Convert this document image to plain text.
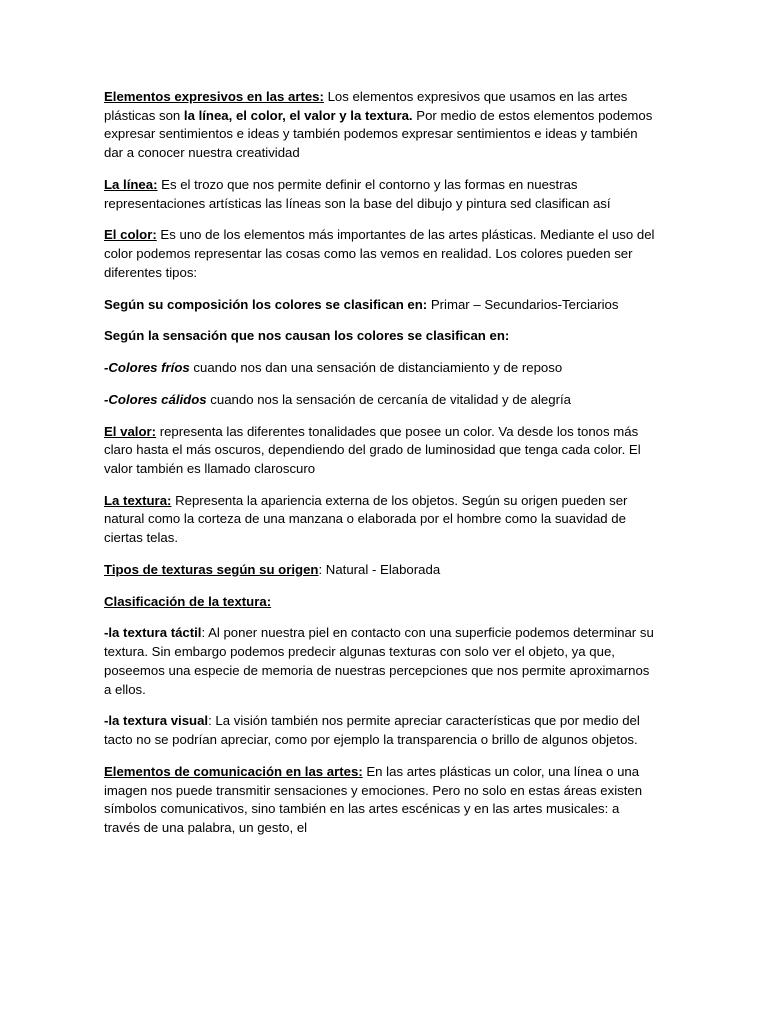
Elementos expresivos en las artes: Los elementos expresivos que usamos en las artes plásticas son la línea, el color, el valor y la textura. Por medio de estos elementos podemos expresar sentimientos e ideas y también podemos expresar sentimientos e ideas y también dar a conocer nuestra creatividad

La línea: Es el trozo que nos permite definir el contorno y las formas en nuestras representaciones artísticas las líneas son la base del dibujo y pintura sed clasifican así

El color: Es uno de los elementos más importantes de las artes plásticas. Mediante el uso del color podemos representar las cosas como las vemos en realidad. Los colores pueden ser diferentes tipos:

Según su composición los colores se clasifican en: Primar – Secundarios-Terciarios

Según la sensación que nos causan los colores se clasifican en:

-Colores fríos cuando nos dan una sensación de distanciamiento y de reposo

-Colores cálidos cuando nos la sensación de cercanía de vitalidad y de alegría

El valor: representa las diferentes tonalidades que posee un color. Va desde los tonos más claro hasta el más oscuros, dependiendo del grado de luminosidad que tenga cada color. El valor también es llamado claroscuro

La textura: Representa la apariencia externa de los objetos. Según su origen pueden ser natural como la corteza de una manzana o elaborada por el hombre como la suavidad de ciertas telas.

Tipos de texturas según su origen: Natural - Elaborada

Clasificación de la textura:

-la textura táctil: Al poner nuestra piel en contacto con una superficie podemos determinar su textura. Sin embargo podemos predecir algunas texturas con solo ver el objeto, ya que, poseemos una especie de memoria de nuestras percepciones que nos permite aproximarnos a ellos.

-la textura visual: La visión también nos permite apreciar características que por medio del tacto no se podrían apreciar, como por ejemplo la transparencia o brillo de algunos objetos.

Elementos de comunicación en las artes: En las artes plásticas un color, una línea o una imagen nos puede transmitir sensaciones y emociones. Pero no solo en estas áreas existen símbolos comunicativos, sino también en las artes escénicas y en las artes musicales: a través de una palabra, un gesto, el
